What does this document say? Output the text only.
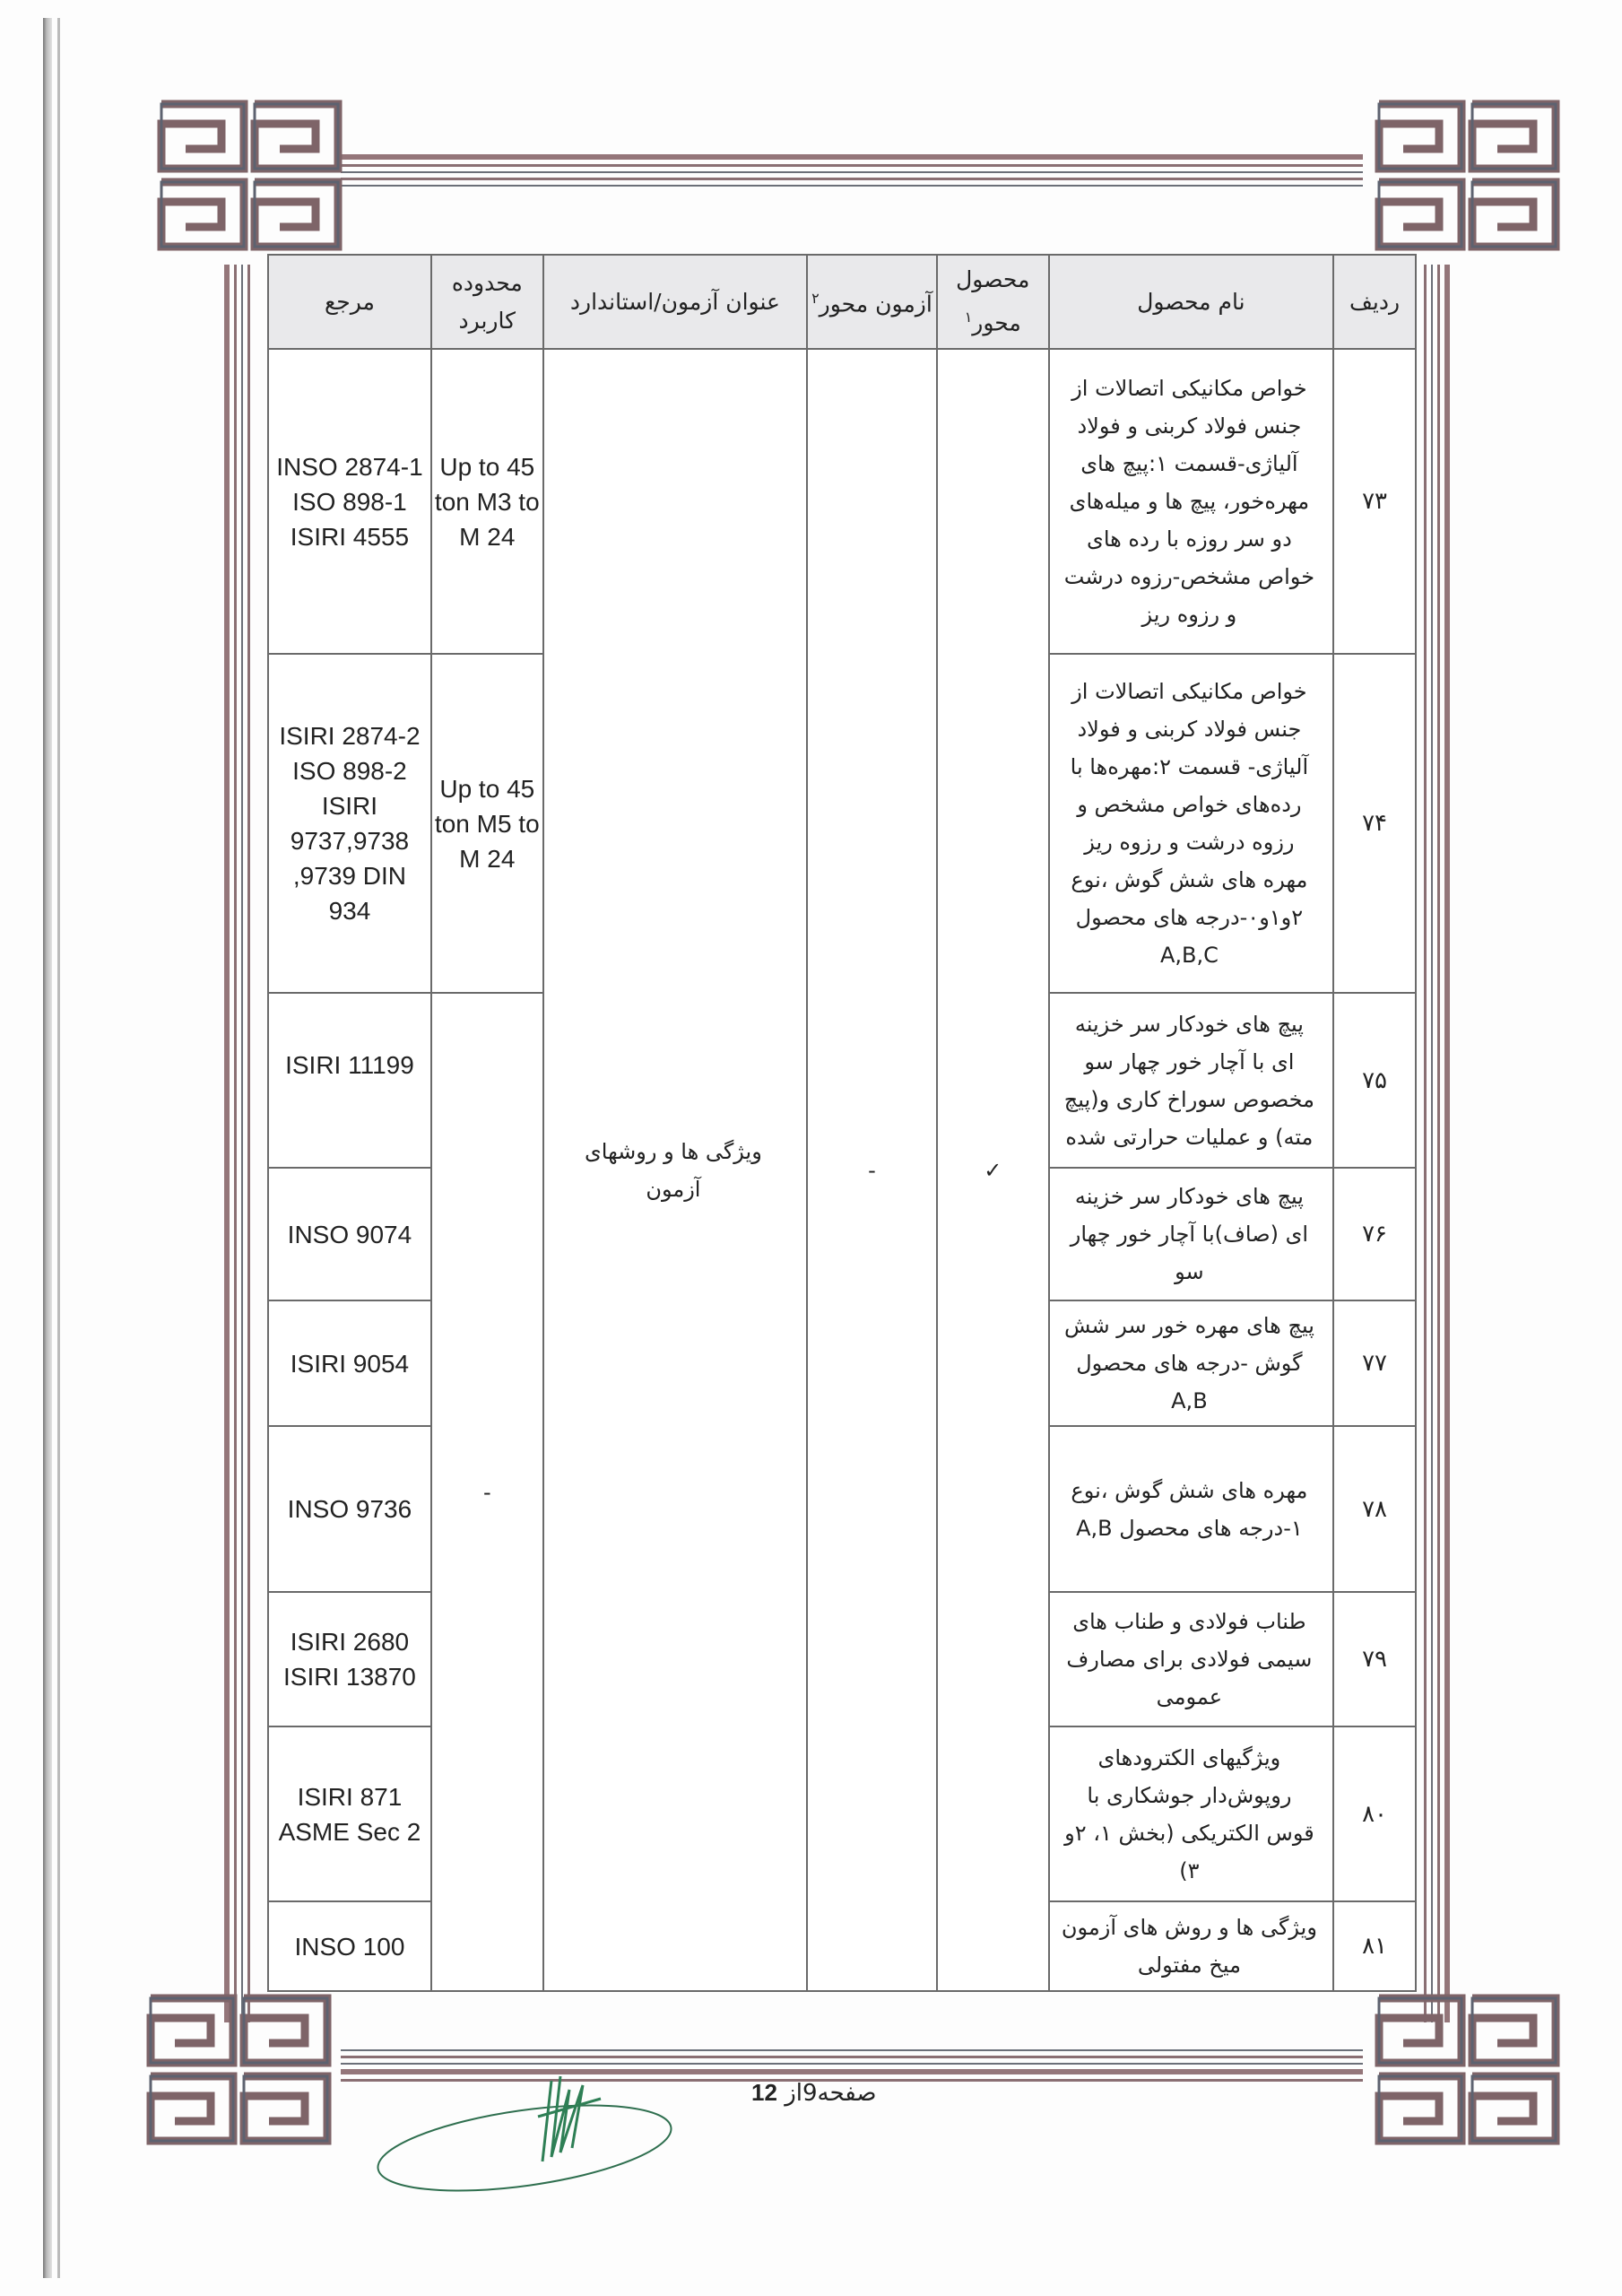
ردیف	نام محصول	محصول محور$^۱$	آزمون محور$^۲$	عنوان آزمون/استاندارد	محدوده کاربرد	مرجع
۷۳	خواص مکانیکی اتصالات از جنس فولاد کربنی و فولاد آلیاژی-قسمت ۱:پیچ های مهره‌خور، پیچ ها و میله‌های دو سر روزه با رده های خواص مشخص-رزوه درشت و رزوه ریز	✓	-	ویژگی ها و روشهای آزمون	Up to 45 ton M3 to M 24	INSO 2874-1 ISO 898-1 ISIRI 4555
۷۴	خواص مکانیکی اتصالات از جنس فولاد کربنی و فولاد آلیاژی- قسمت ۲:مهره‌ها با رده‌های خواص مشخص و رزوه درشت و رزوه ریز مهره های شش گوش ،نوع ۲و۱و۰-درجه های محصول A,B,C				Up to 45 ton M5 to M 24	ISIRI 2874-2 ISO 898-2 ISIRI 9737,9738 ,9739 DIN 934
۷۵	پیچ های خودکار سر خزینه ای با آچار خور چهار سو مخصوص سوراخ کاری و(پیچ مته) و عملیات حرارتی شده				-	ISIRI 11199
۷۶	پیچ های خودکار سر خزینه ای (صاف)با آچار خور چهار سو					INSO 9074
۷۷	پیچ های مهره خور سر شش گوش -درجه های محصول A,B					ISIRI 9054
۷۸	مهره های شش گوش ،نوع ۱-درجه های محصول A,B					INSO 9736
۷۹	طناب فولادی و طناب های سیمی فولادی برای مصارف عمومی					ISIRI 2680 ISIRI 13870
۸۰	ویژگیهای الکترودهای روپوش‌دار جوشکاری با قوس الکتریکی (بخش ۱، ۲و ۳)					ISIRI 871 ASME Sec 2
۸۱	ویژگی ها و روش های آزمون میخ مفتولی					INSO 100
صفحه9از 12
